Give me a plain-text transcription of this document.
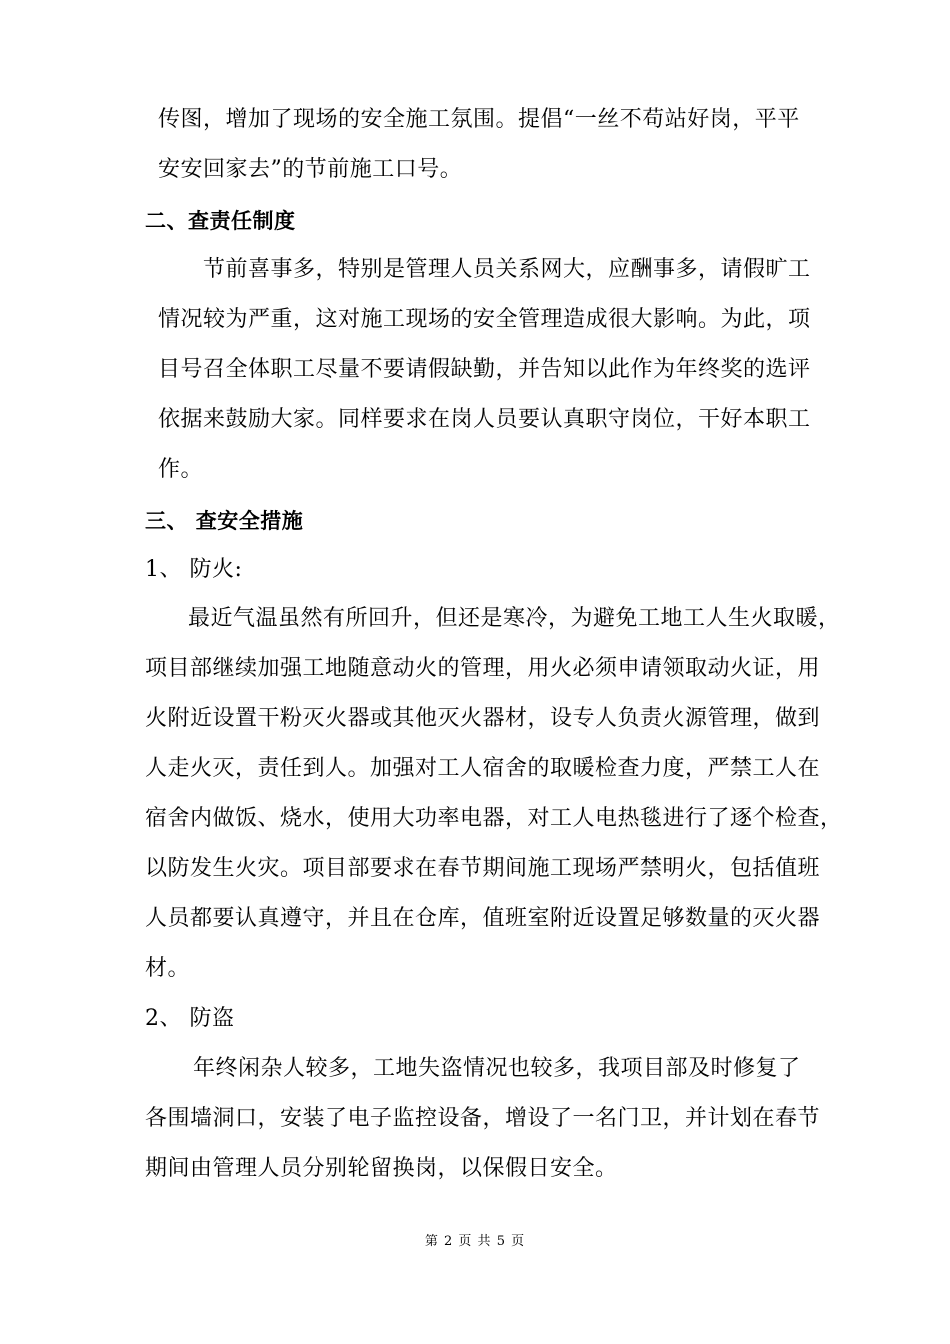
传图，增加了现场的安全施工氛围。提倡“一丝不苟站好岗，平平
安安回家去”的节前施工口号。
二、查责任制度
节前喜事多，特别是管理人员关系网大，应酬事多，请假旷工
情况较为严重，这对施工现场的安全管理造成很大影响。为此，项
目号召全体职工尽量不要请假缺勤，并告知以此作为年终奖的选评
依据来鼓励大家。同样要求在岗人员要认真职守岗位，干好本职工
作。
三、 查安全措施
1、 防火:
最近气温虽然有所回升，但还是寒冷，为避免工地工人生火取暖，
项目部继续加强工地随意动火的管理，用火必须申请领取动火证，用
火附近设置干粉灭火器或其他灭火器材，设专人负责火源管理，做到
人走火灭，责任到人。加强对工人宿舍的取暖检查力度，严禁工人在
宿舍内做饭、烧水，使用大功率电器，对工人电热毯进行了逐个检查，
以防发生火灾。项目部要求在春节期间施工现场严禁明火，包括值班
人员都要认真遵守，并且在仓库，值班室附近设置足够数量的灭火器
材。
2、 防盗
年终闲杂人较多，工地失盗情况也较多，我项目部及时修复了
各围墙洞口，安装了电子监控设备，增设了一名门卫，并计划在春节
期间由管理人员分别轮留换岗，以保假日安全。
第 2 页 共 5 页
